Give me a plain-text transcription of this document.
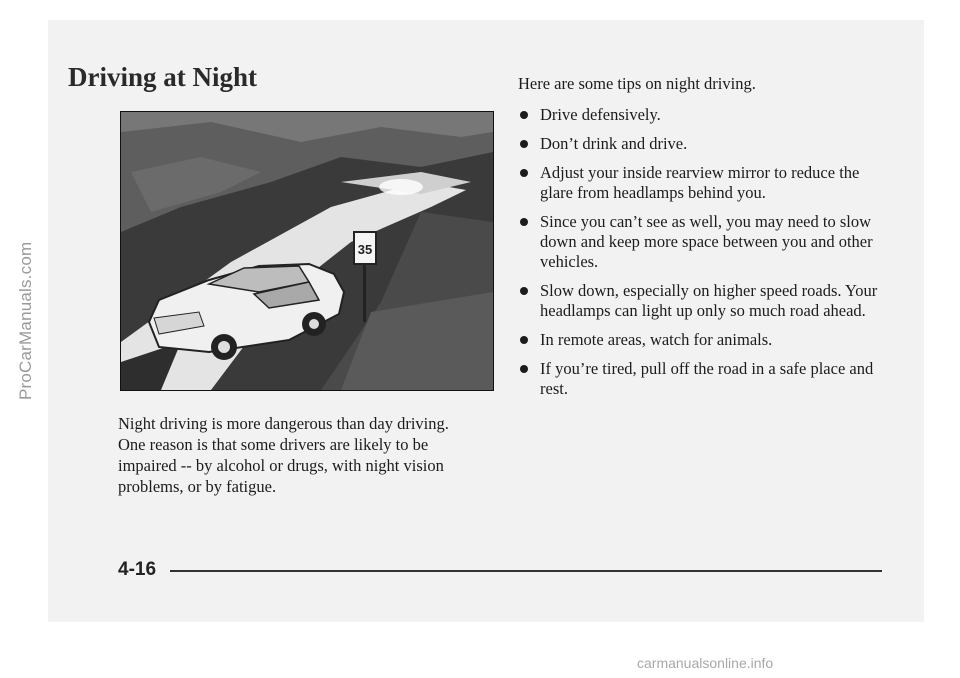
ProCarManuals.com
Driving at Night
35

Night driving is more dangerous than day driving. One reason is that some drivers are likely to be impaired -- by alcohol or drugs, with night vision problems, or by fatigue.

Here are some tips on night driving.

Drive defensively.
Don’t drink and drive.
Adjust your inside rearview mirror to reduce the glare from headlamps behind you.
Since you can’t see as well, you may need to slow down and keep more space between you and other vehicles.
Slow down, especially on higher speed roads. Your headlamps can light up only so much road ahead.
In remote areas, watch for animals.
If you’re tired, pull off the road in a safe place and rest.

4-16

carmanualsonline.info
